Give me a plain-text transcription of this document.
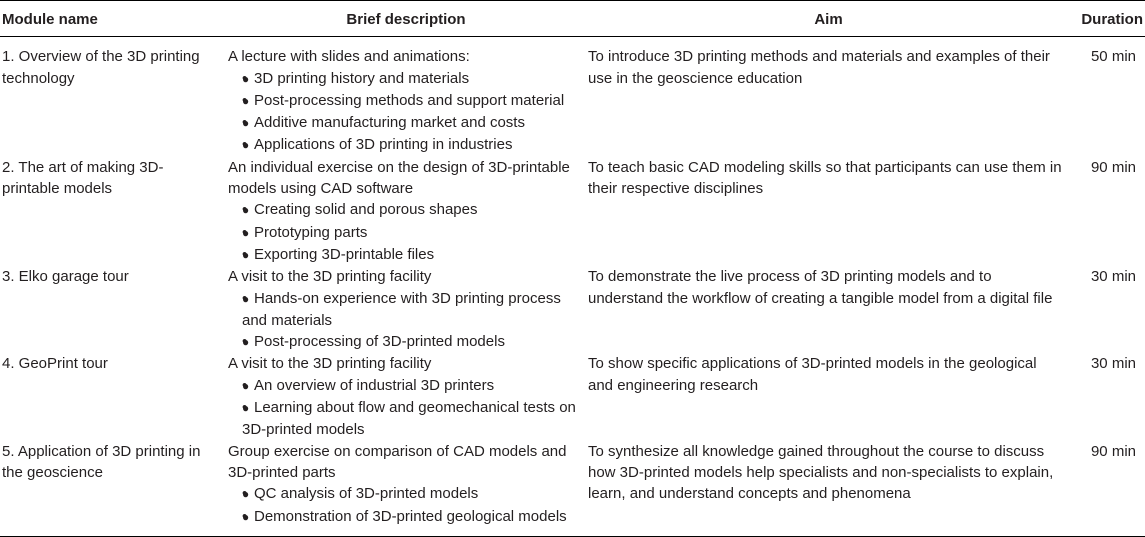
Module name	Brief description	Aim	Duration
1. Overview of the 3D printing technology	A lecture with slides and animations:
• ● 3D printing history and materials
• ● Post-processing methods and support material
• ● Additive manufacturing market and costs
• ● Applications of 3D printing in industries	To introduce 3D printing methods and materials and examples of their use in the geoscience education	50 min
2. The art of making 3D-printable models	An individual exercise on the design of 3D-printable models using CAD software
• ● Creating solid and porous shapes
• ● Prototyping parts
• ● Exporting 3D-printable files	To teach basic CAD modeling skills so that participants can use them in their respective disciplines	90 min
3. Elko garage tour	A visit to the 3D printing facility
• ● Hands-on experience with 3D printing process and materials
• ● Post-processing of 3D-printed models	To demonstrate the live process of 3D printing models and to understand the workflow of creating a tangible model from a digital file	30 min
4. GeoPrint tour	A visit to the 3D printing facility
• ● An overview of industrial 3D printers
• ● Learning about flow and geomechanical tests on 3D-printed models	To show specific applications of 3D-printed models in the geological and engineering research	30 min
5. Application of 3D printing in the geoscience	Group exercise on comparison of CAD models and 3D-printed parts
• ● QC analysis of 3D-printed models
• ● Demonstration of 3D-printed geological models	To synthesize all knowledge gained throughout the course to discuss how 3D-printed models help specialists and non-specialists to explain, learn, and understand concepts and phenomena	90 min
